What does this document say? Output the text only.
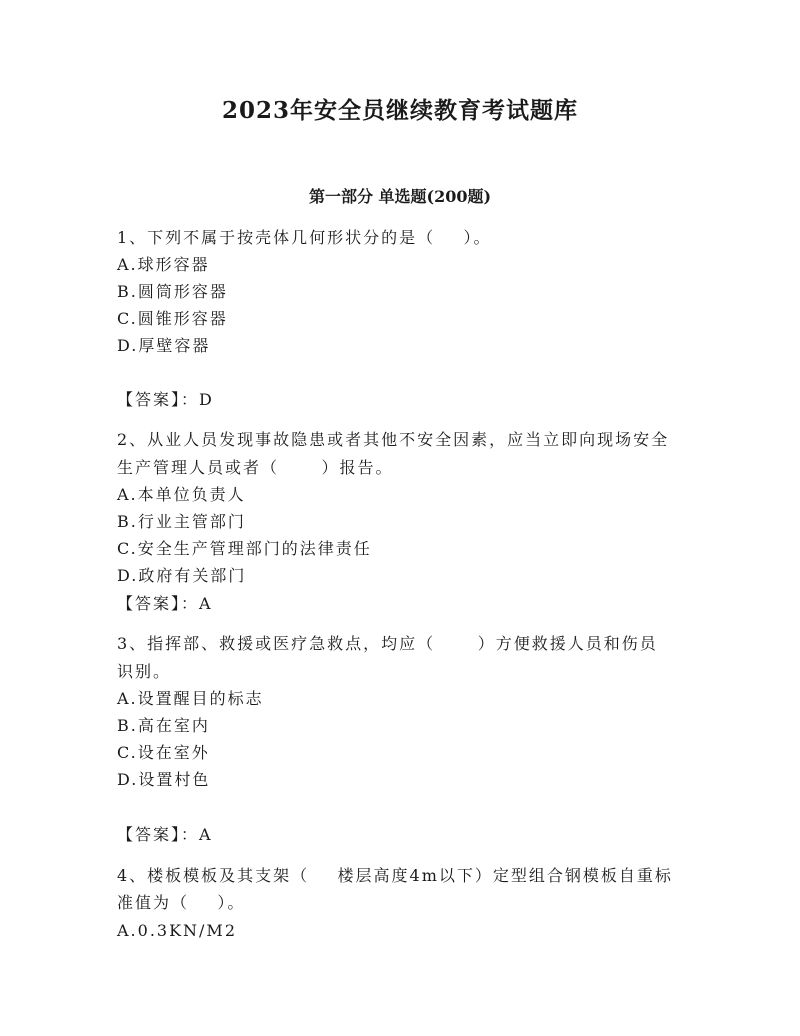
2023年安全员继续教育考试题库
第一部分 单选题(200题)
1、下列不属于按壳体几何形状分的是（    ）。
A.球形容器
B.圆筒形容器
C.圆锥形容器
D.厚壁容器
【答案】：D
2、从业人员发现事故隐患或者其他不安全因素，应当立即向现场安全
生产管理人员或者（      ）报告。
A.本单位负责人
B.行业主管部门
C.安全生产管理部门的法律责任
D.政府有关部门
【答案】：A
3、指挥部、救援或医疗急救点，均应（      ）方便救援人员和伤员
识别。
A.设置醒目的标志
B.高在室内
C.设在室外
D.设置村色
【答案】：A
4、楼板模板及其支架（    楼层高度4m以下）定型组合钢模板自重标
准值为（    ）。
A.0.3KN/M2
